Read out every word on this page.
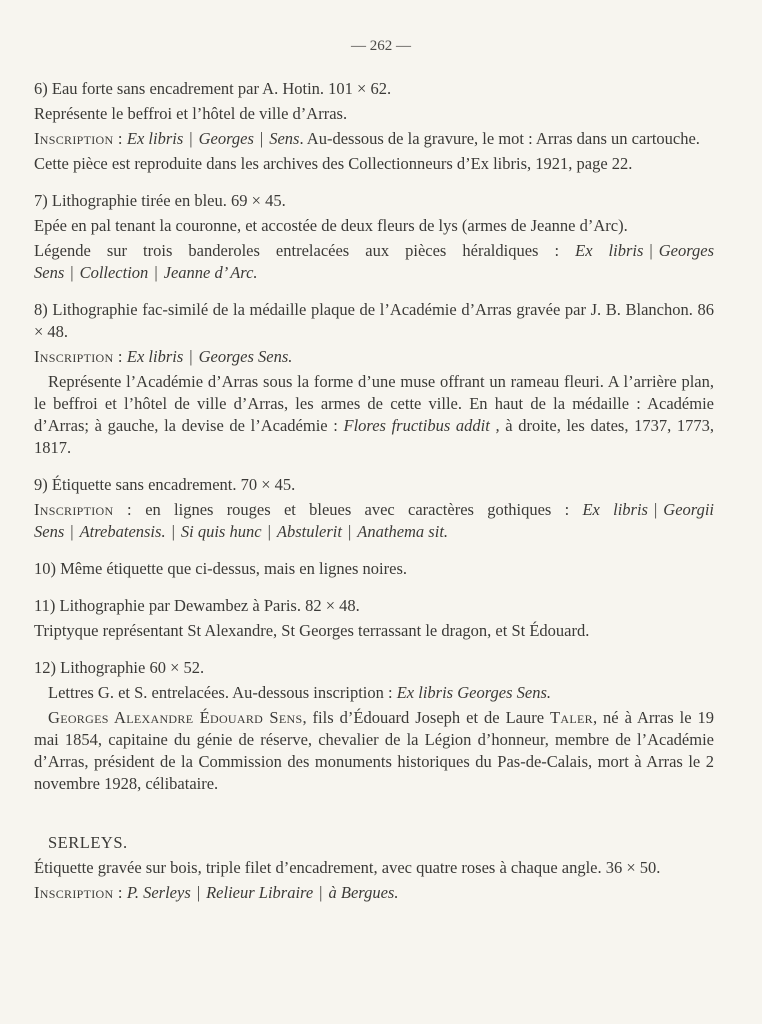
— 262 —

6) Eau forte sans encadrement par A. Hotin. 101 × 62.

Représente le beffroi et l’hôtel de ville d’Arras.

Inscription : Ex libris | Georges | Sens. Au-dessous de la gravure, le mot : Arras dans un cartouche.

Cette pièce est reproduite dans les archives des Collectionneurs d’Ex libris, 1921, page 22.

7) Lithographie tirée en bleu. 69 × 45.

Epée en pal tenant la couronne, et accostée de deux fleurs de lys (armes de Jeanne d’Arc).

Légende sur trois banderoles entrelacées aux pièces héraldiques : Ex libris | Georges Sens | Collection | Jeanne d’ Arc.

8) Lithographie fac-similé de la médaille plaque de l’Académie d’Arras gravée par J. B. Blanchon. 86 × 48.

Inscription : Ex libris | Georges Sens.

Représente l’Académie d’Arras sous la forme d’une muse offrant un rameau fleuri. A l’arrière plan, le beffroi et l’hôtel de ville d’Arras, les armes de cette ville. En haut de la médaille : Académie d’Arras; à gauche, la devise de l’Académie : Flores fructibus addit , à droite, les dates, 1737, 1773, 1817.

9) Étiquette sans encadrement. 70 × 45.

Inscription : en lignes rouges et bleues avec caractères gothiques : Ex libris | Georgii Sens | Atrebatensis. | Si quis hunc | Abstulerit | Anathema sit.

10) Même étiquette que ci-dessus, mais en lignes noires.

11) Lithographie par Dewambez à Paris. 82 × 48.

Triptyque représentant St Alexandre, St Georges terrassant le dragon, et St Édouard.

12) Lithographie 60 × 52.

Lettres G. et S. entrelacées. Au-dessous inscription : Ex libris Georges Sens.

Georges Alexandre Édouard Sens, fils d’Édouard Joseph et de Laure Taler, né à Arras le 19 mai 1854, capitaine du génie de réserve, chevalier de la Légion d’honneur, membre de l’Académie d’Arras, président de la Commission des monuments historiques du Pas-de-Calais, mort à Arras le 2 novembre 1928, célibataire.

SERLEYS.

Étiquette gravée sur bois, triple filet d’encadrement, avec quatre roses à chaque angle. 36 × 50.

Inscription : P. Serleys | Relieur Libraire | à Bergues.
